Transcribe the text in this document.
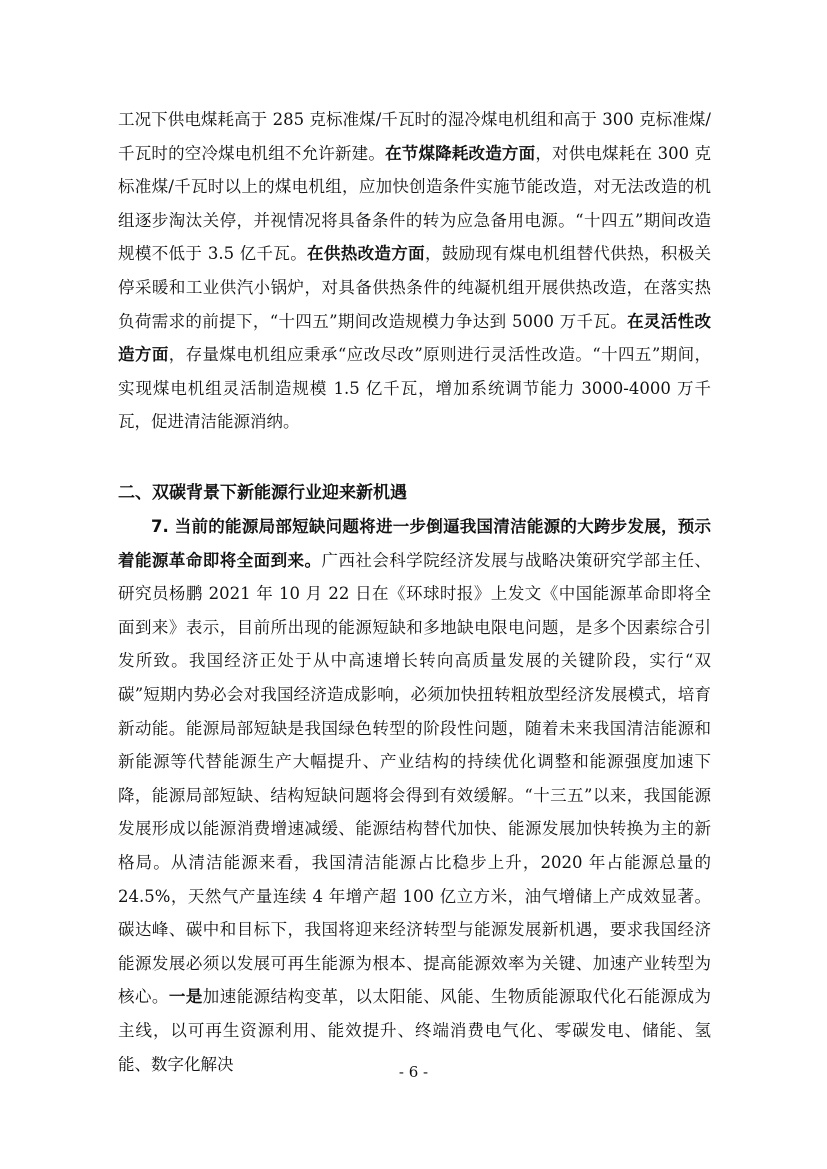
工况下供电煤耗高于 285 克标准煤/千瓦时的湿冷煤电机组和高于 300 克标准煤/千瓦时的空冷煤电机组不允许新建。在节煤降耗改造方面，对供电煤耗在 300 克标准煤/千瓦时以上的煤电机组，应加快创造条件实施节能改造，对无法改造的机组逐步淘汰关停，并视情况将具备条件的转为应急备用电源。“十四五”期间改造规模不低于 3.5 亿千瓦。在供热改造方面，鼓励现有煤电机组替代供热，积极关停采暖和工业供汽小锅炉，对具备供热条件的纯凝机组开展供热改造，在落实热负荷需求的前提下，“十四五”期间改造规模力争达到 5000 万千瓦。在灵活性改造方面，存量煤电机组应秉承“应改尽改”原则进行灵活性改造。“十四五”期间，实现煤电机组灵活制造规模 1.5 亿千瓦，增加系统调节能力 3000-4000 万千瓦，促进清洁能源消纳。

二、双碳背景下新能源行业迎来新机遇

7. 当前的能源局部短缺问题将进一步倒逼我国清洁能源的大跨步发展，预示着能源革命即将全面到来。广西社会科学院经济发展与战略决策研究学部主任、研究员杨鹏 2021 年 10 月 22 日在《环球时报》上发文《中国能源革命即将全面到来》表示，目前所出现的能源短缺和多地缺电限电问题，是多个因素综合引发所致。我国经济正处于从中高速增长转向高质量发展的关键阶段，实行“双碳”短期内势必会对我国经济造成影响，必须加快扭转粗放型经济发展模式，培育新动能。能源局部短缺是我国绿色转型的阶段性问题，随着未来我国清洁能源和新能源等代替能源生产大幅提升、产业结构的持续优化调整和能源强度加速下降，能源局部短缺、结构短缺问题将会得到有效缓解。“十三五”以来，我国能源发展形成以能源消费增速减缓、能源结构替代加快、能源发展加快转换为主的新格局。从清洁能源来看，我国清洁能源占比稳步上升，2020 年占能源总量的 24.5%，天然气产量连续 4 年增产超 100 亿立方米，油气增储上产成效显著。碳达峰、碳中和目标下，我国将迎来经济转型与能源发展新机遇，要求我国经济能源发展必须以发展可再生能源为根本、提高能源效率为关键、加速产业转型为核心。一是加速能源结构变革，以太阳能、风能、生物质能源取代化石能源成为主线，以可再生资源利用、能效提升、终端消费电气化、零碳发电、储能、氢能、数字化解决	- 6 -
